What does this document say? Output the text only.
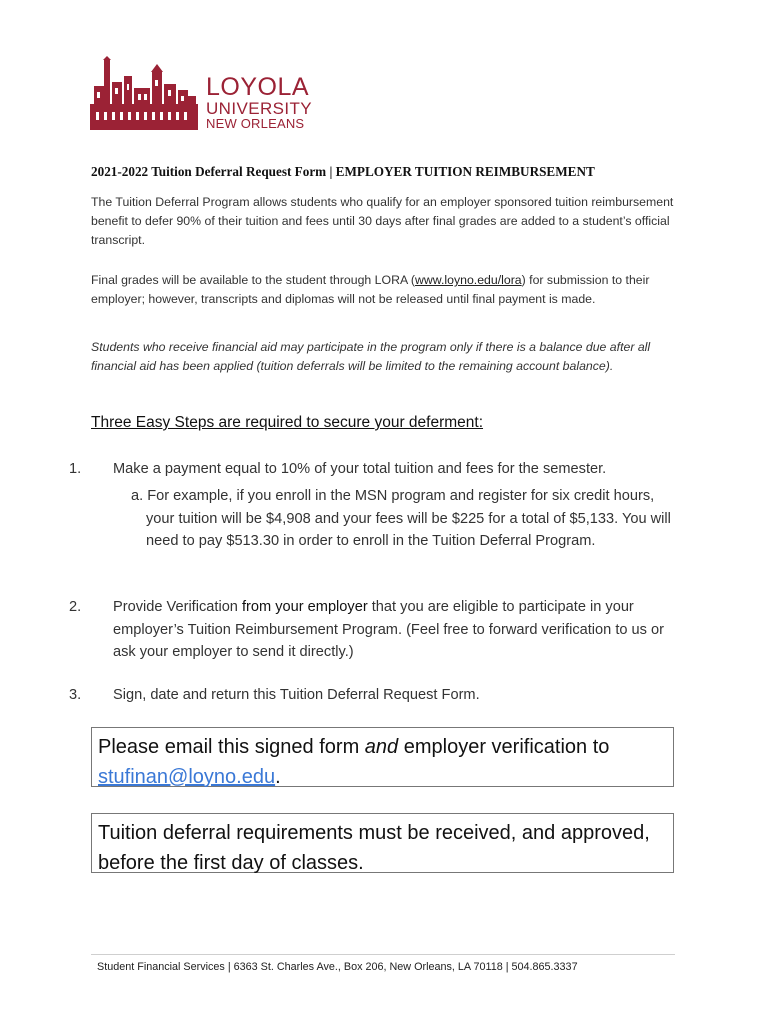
LOYOLA
UNIVERSITY
NEW ORLEANS
2021-2022 Tuition Deferral Request Form | EMPLOYER TUITION REIMBURSEMENT
The Tuition Deferral Program allows students who qualify for an employer sponsored tuition reimbursement benefit to defer 90% of their tuition and fees until 30 days after final grades are added to a student’s official transcript.
Final grades will be available to the student through LORA (www.loyno.edu/lora) for submission to their employer; however, transcripts and diplomas will not be released until final payment is made.
Students who receive financial aid may participate in the program only if there is a balance due after all financial aid has been applied (tuition deferrals will be limited to the remaining account balance).
Three Easy Steps are required to secure your deferment:
1. Make a payment equal to 10% of your total tuition and fees for the semester.
a. For example, if you enroll in the MSN program and register for six credit hours, your tuition will be $4,908 and your fees will be $225 for a total of $5,133. You will need to pay $513.30 in order to enroll in the Tuition Deferral Program.
2. Provide Verification from your employer that you are eligible to participate in your employer’s Tuition Reimbursement Program. (Feel free to forward verification to us or ask your employer to send it directly.)
3. Sign, date and return this Tuition Deferral Request Form.
Please email this signed form and employer verification to
stufinan@loyno.edu.
Tuition deferral requirements must be received, and approved, before the first day of classes.
Student Financial Services | 6363 St. Charles Ave., Box 206, New Orleans, LA 70118 | 504.865.3337
